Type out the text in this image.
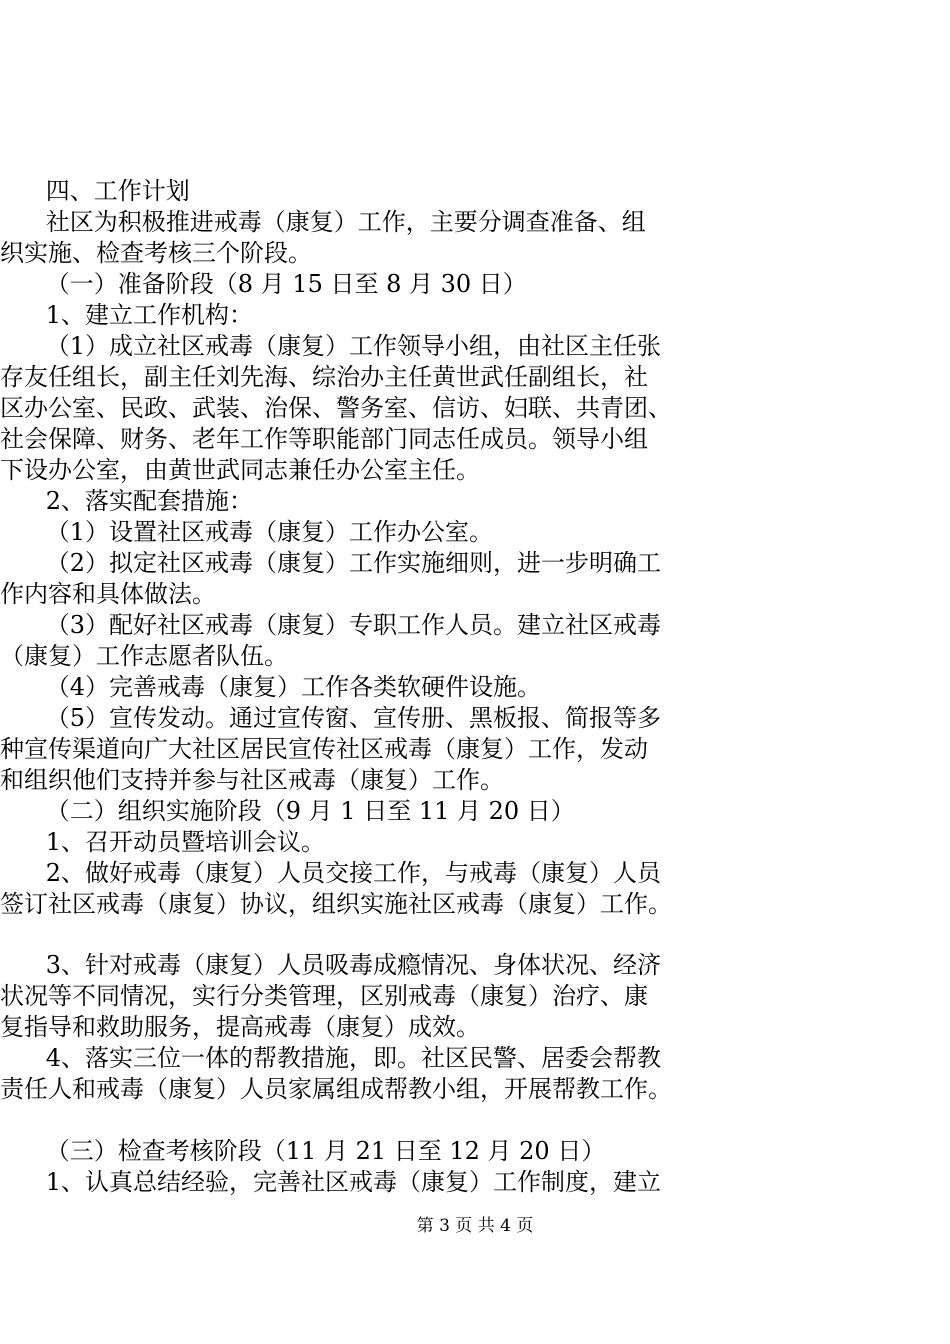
四、工作计划
社区为积极推进戒毒（康复）工作，主要分调查准备、组
织实施、检查考核三个阶段。
（一）准备阶段（8 月 15 日至 8 月 30 日）
1、建立工作机构：
（1）成立社区戒毒（康复）工作领导小组，由社区主任张
存友任组长，副主任刘先海、综治办主任黄世武任副组长，社
区办公室、民政、武装、治保、警务室、信访、妇联、共青团、
社会保障、财务、老年工作等职能部门同志任成员。领导小组
下设办公室，由黄世武同志兼任办公室主任。
2、落实配套措施：
（1）设置社区戒毒（康复）工作办公室。
（2）拟定社区戒毒（康复）工作实施细则，进一步明确工
作内容和具体做法。
（3）配好社区戒毒（康复）专职工作人员。建立社区戒毒
（康复）工作志愿者队伍。
（4）完善戒毒（康复）工作各类软硬件设施。
（5）宣传发动。通过宣传窗、宣传册、黑板报、简报等多
种宣传渠道向广大社区居民宣传社区戒毒（康复）工作，发动
和组织他们支持并参与社区戒毒（康复）工作。
（二）组织实施阶段（9 月 1 日至 11 月 20 日）
1、召开动员暨培训会议。
2、做好戒毒（康复）人员交接工作，与戒毒（康复）人员
签订社区戒毒（康复）协议，组织实施社区戒毒（康复）工作。
3、针对戒毒（康复）人员吸毒成瘾情况、身体状况、经济
状况等不同情况，实行分类管理，区别戒毒（康复）治疗、康
复指导和救助服务，提高戒毒（康复）成效。
4、落实三位一体的帮教措施，即。社区民警、居委会帮教
责任人和戒毒（康复）人员家属组成帮教小组，开展帮教工作。
（三）检查考核阶段（11 月 21 日至 12 月 20 日）
1、认真总结经验，完善社区戒毒（康复）工作制度，建立
第 3 页 共 4 页
